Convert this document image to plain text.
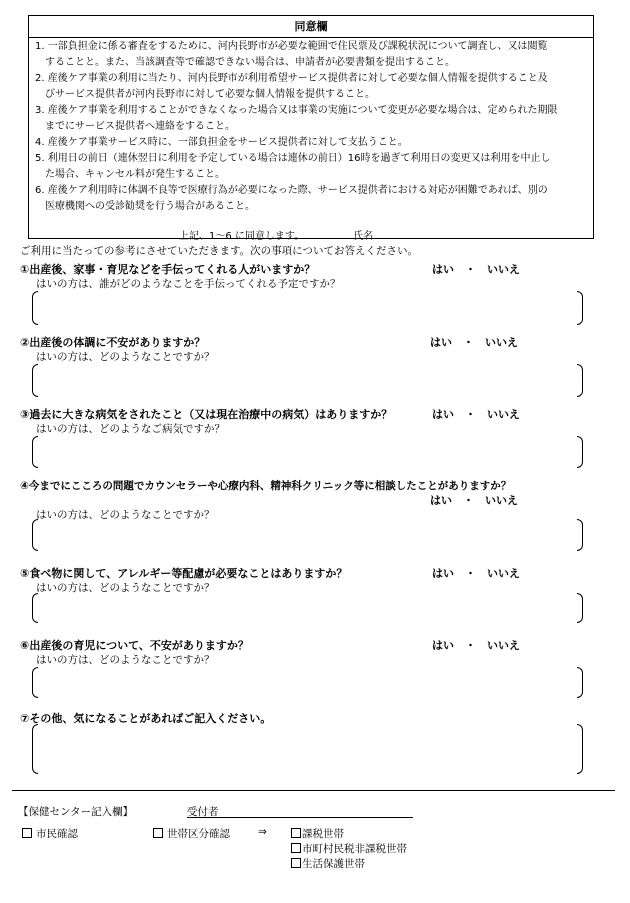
同意欄
1. 一部負担金に係る審査をするために、河内長野市が必要な範囲で住民票及び課税状況について調査し、又は閲覧
することと。また、当該調査等で確認できない場合は、申請者が必要書類を提出すること。
2. 産後ケア事業の利用に当たり、河内長野市が利用希望サービス提供者に対して必要な個人情報を提供すること及
びサービス提供者が河内長野市に対して必要な個人情報を提供すること。
3. 産後ケア事業を利用することができなくなった場合又は事業の実施について変更が必要な場合は、定められた期限
までにサービス提供者へ連絡をすること。
4. 産後ケア事業サービス時に、一部負担金をサービス提供者に対して支払うこと。
5. 利用日の前日（連休翌日に利用を予定している場合は連休の前日）16時を過ぎて利用日の変更又は利用を中止し
た場合、キャンセル料が発生すること。
6. 産後ケア利用時に体調不良等で医療行為が必要になった際、サービス提供者における対応が困難であれば、別の
医療機関への受診勧奨を行う場合があること。
上記、1～6 に同意します。	氏名
ご利用に当たっての参考にさせていただきます。次の事項についてお答えください。
①出産後、家事・育児などを手伝ってくれる人がいますか？	はい　・　いいえ
はいの方は、誰がどのようなことを手伝ってくれる予定ですか？
②出産後の体調に不安がありますか？	はい　・　いいえ
はいの方は、どのようなことですか？
③過去に大きな病気をされたこと（又は現在治療中の病気）はありますか？	はい　・　いいえ
はいの方は、どのようなご病気ですか？
④今までにこころの問題でカウンセラーや心療内科、精神科クリニック等に相談したことがありますか？
はい　・　いいえ
はいの方は、どのようなことですか？
⑤食べ物に関して、アレルギー等配慮が必要なことはありますか？	はい　・　いいえ
はいの方は、どのようなことですか？
⑥出産後の育児について、不安がありますか？	はい　・　いいえ
はいの方は、どのようなことですか？
⑦その他、気になることがあればご記入ください。
【保健センター記入欄】	受付者
市民確認	世帯区分確認	⇒	課税世帯
市町村民税非課税世帯
生活保護世帯
